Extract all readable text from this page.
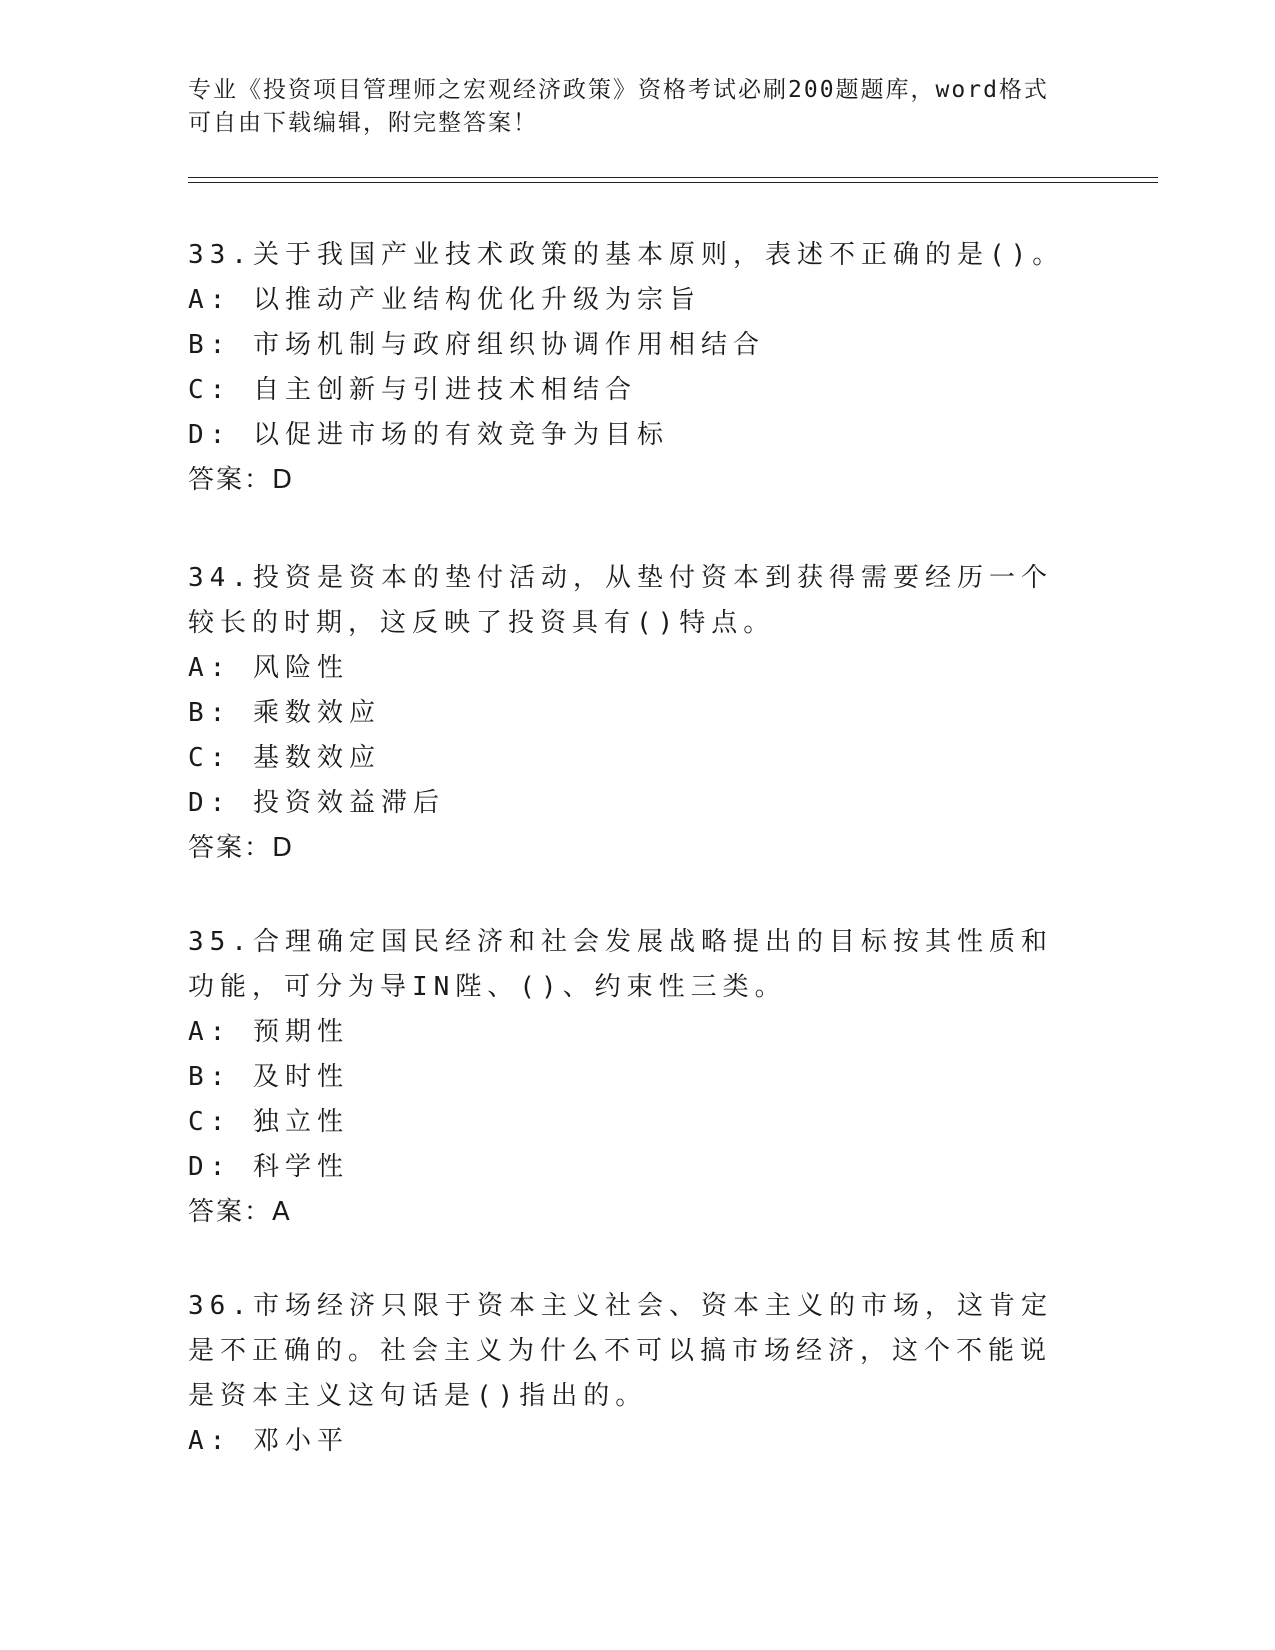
专业《投资项目管理师之宏观经济政策》资格考试必刷200题题库，word格式可自由下载编辑，附完整答案！
33.关于我国产业技术政策的基本原则，表述不正确的是()。
A: 以推动产业结构优化升级为宗旨
B: 市场机制与政府组织协调作用相结合
C: 自主创新与引进技术相结合
D: 以促进市场的有效竞争为目标
答案：D
34.投资是资本的垫付活动，从垫付资本到获得需要经历一个较长的时期，这反映了投资具有()特点。
A: 风险性
B: 乘数效应
C: 基数效应
D: 投资效益滞后
答案：D
35.合理确定国民经济和社会发展战略提出的目标按其性质和功能，可分为导IN陛、()、约束性三类。
A: 预期性
B: 及时性
C: 独立性
D: 科学性
答案：A
36.市场经济只限于资本主义社会、资本主义的市场，这肯定是不正确的。社会主义为什么不可以搞市场经济，这个不能说是资本主义这句话是()指出的。
A: 邓小平
